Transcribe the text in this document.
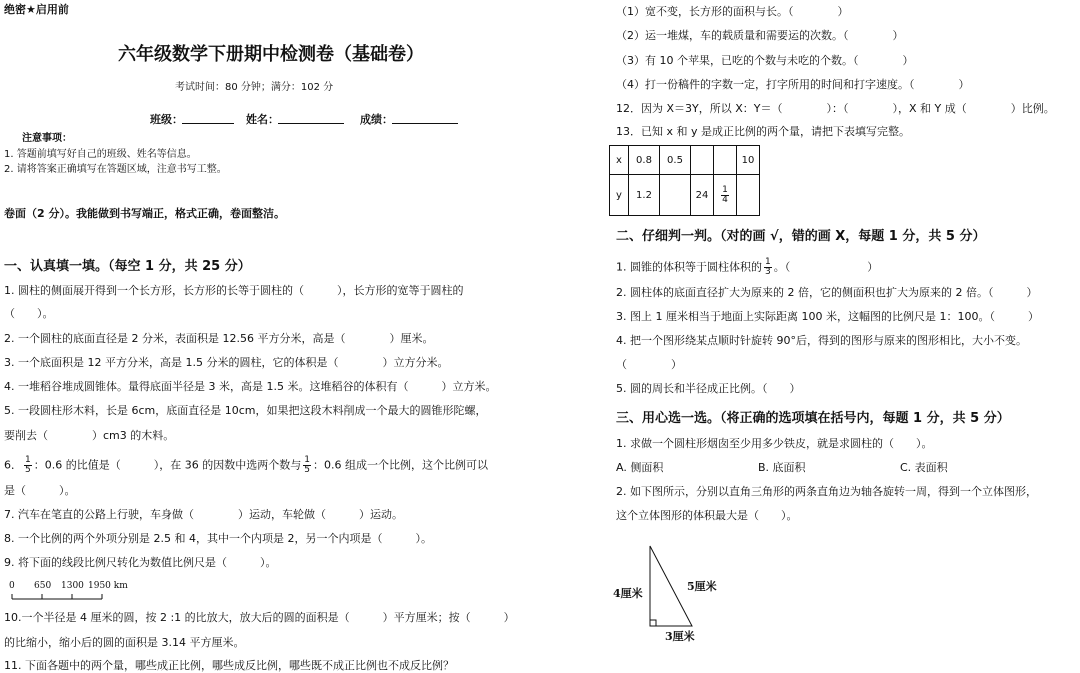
绝密★启用前
六年级数学下册期中检测卷（基础卷）
考试时间：80 分钟；满分：102 分
班级：	姓名：	成绩：
注意事项：
1. 答题前填写好自己的班级、姓名等信息。
2. 请将答案正确填写在答题区域，注意书写工整。
卷面（2 分）。我能做到书写端正，格式正确，卷面整洁。
一、认真填一填。（每空 1 分，共 25 分）
1. 圆柱的侧面展开得到一个长方形，长方形的长等于圆柱的（　　　），长方形的宽等于圆柱的
（　　）。
2. 一个圆柱的底面直径是 2 分米，表面积是 12.56 平方分米，高是（　　　　）厘米。
3. 一个底面积是 12 平方分米，高是 1.5 分米的圆柱，它的体积是（　　　　）立方分米。
4. 一堆稻谷堆成圆锥体。量得底面半径是 3 米，高是 1.5 米。这堆稻谷的体积有（　　　）立方米。
5. 一段圆柱形木料，长是 6cm，底面直径是 10cm，如果把这段木料削成一个最大的圆锥形陀螺，
要削去（　　　　）cm3 的木料。
6． $\frac{1}{5}$ ：0.6 的比值是（　　　），在 36 的因数中选两个数与 $\frac{1}{5}$ ：0.6 组成一个比例，这个比例可以
是（　　　）。
7. 汽车在笔直的公路上行驶，车身做（　　　　）运动，车轮做（　　　）运动。
8. 一个比例的两个外项分别是 2.5 和 4，其中一个内项是 2，另一个内项是（　　　）。
9. 将下面的线段比例尺转化为数值比例尺是（　　　）。
0 650 1300 1950 km
10.一个半径是 4 厘米的圆，按 2 :1 的比放大，放大后的圆的面积是（　　　）平方厘米；按（　　　）
的比缩小，缩小后的圆的面积是 3.14 平方厘米。
11. 下面各题中的两个量，哪些成正比例，哪些成反比例，哪些既不成正比例也不成反比例？
（1）宽不变，长方形的面积与长。（　　　　）
（2）运一堆煤，车的载质量和需要运的次数。（　　　　）
（3）有 10 个苹果，已吃的个数与未吃的个数。（　　　　）
（4）打一份稿件的字数一定，打字所用的时间和打字速度。（　　　　）
12．因为 X＝3Y，所以 X：Y＝（　　　　）：（　　　　），X 和 Y 成（　　　　）比例。
13．已知 x 和 y 是成正比例的两个量，请把下表填写完整。
x	0.8	0.5			10
y	1.2		24	$\frac{1}{4}$

二、仔细判一判。（对的画 √，错的画 X，每题 1 分，共 5 分）
1. 圆锥的体积等于圆柱体积的 $\frac{1}{3}$ 。（　　　　　　　）
2. 圆柱体的底面直径扩大为原来的 2 倍，它的侧面积也扩大为原来的 2 倍。（　　　）
3. 图上 1 厘米相当于地面上实际距离 100 米，这幅图的比例尺是 1：100。（　　　）
4. 把一个图形绕某点顺时针旋转 90°后，得到的图形与原来的图形相比，大小不变。
（　　　　）
5. 圆的周长和半径成正比例。（　　）
三、用心选一选。（将正确的选项填在括号内，每题 1 分，共 5 分）
1. 求做一个圆柱形烟囱至少用多少铁皮，就是求圆柱的（　　）。
A. 侧面积	B. 底面积	C. 表面积
2. 如下图所示，分别以直角三角形的两条直角边为轴各旋转一周，得到一个立体图形，
这个立体图形的体积最大是（　　）。
4厘米
5厘米
3厘米
